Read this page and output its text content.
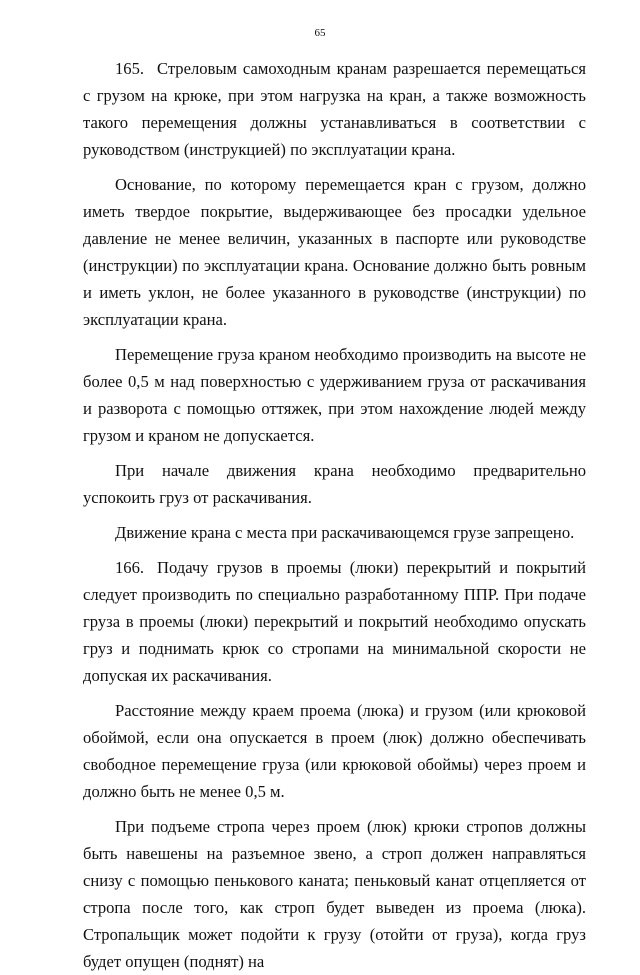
65

165. Стреловым самоходным кранам разрешается перемещаться с грузом на крюке, при этом нагрузка на кран, а также возможность такого перемещения должны устанавливаться в соответствии с руководством (инструкцией) по эксплуатации крана.

Основание, по которому перемещается кран с грузом, должно иметь твердое покрытие, выдерживающее без просадки удельное давление не менее величин, указанных в паспорте или руководстве (инструкции) по эксплуатации крана. Основание должно быть ровным и иметь уклон, не более указанного в руководстве (инструкции) по эксплуатации крана.

Перемещение груза краном необходимо производить на высоте не более 0,5 м над поверхностью с удерживанием груза от раскачивания и разворота с помощью оттяжек, при этом нахождение людей между грузом и краном не допускается.

При начале движения крана необходимо предварительно успокоить груз от раскачивания.

Движение крана с места при раскачивающемся грузе запрещено.

166. Подачу грузов в проемы (люки) перекрытий и покрытий следует производить по специально разработанному ППР. При подаче груза в проемы (люки) перекрытий и покрытий необходимо опускать груз и поднимать крюк со стропами на минимальной скорости не допуская их раскачивания.

Расстояние между краем проема (люка) и грузом (или крюковой обоймой, если она опускается в проем (люк) должно обеспечивать свободное перемещение груза (или крюковой обоймы) через проем и должно быть не менее 0,5 м.

При подъеме стропа через проем (люк) крюки стропов должны быть навешены на разъемное звено, а строп должен направляться снизу с помощью пенькового каната; пеньковый канат отцепляется от стропа после того, как строп будет выведен из проема (люка). Стропальщик может подойти к грузу (отойти от груза), когда груз будет опущен (поднят) на
